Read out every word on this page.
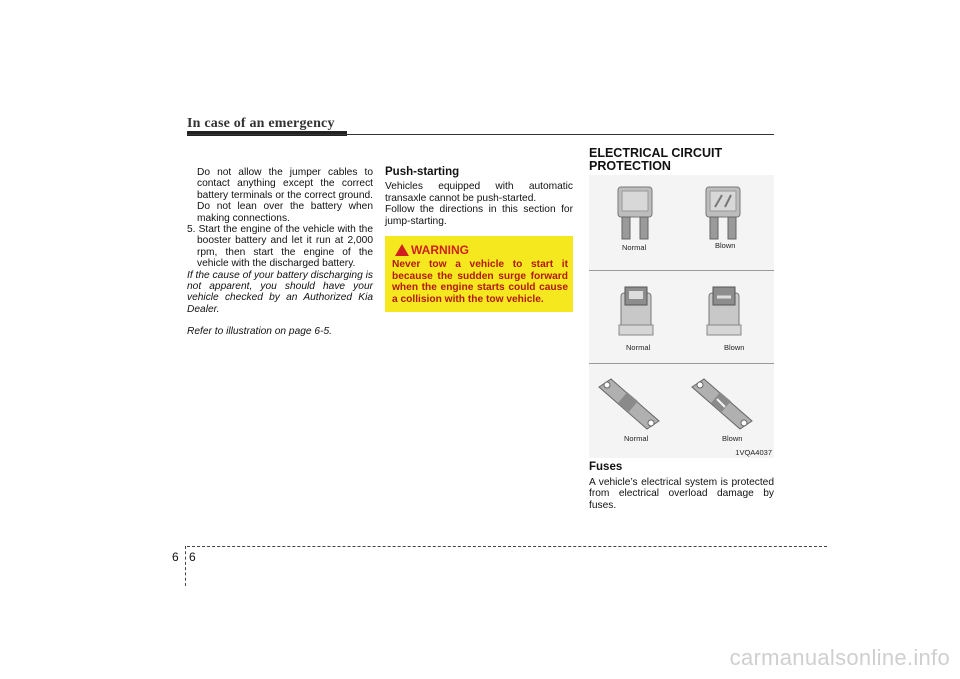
In case of an emergency

Do not allow the jumper cables to contact anything except the correct battery terminals or the correct ground. Do not lean over the battery when making connections.

5. Start the engine of the vehicle with the booster battery and let it run at 2,000 rpm, then start the engine of the vehicle with the discharged battery.

If the cause of your battery discharging is not apparent, you should have your vehicle checked by an Authorized Kia Dealer.

Refer to illustration on page 6-5.

Push-starting

Vehicles equipped with automatic transaxle cannot be push-started.

Follow the directions in this section for jump-starting.

WARNING
Never tow a vehicle to start it because the sudden surge forward when the engine starts could cause a collision with the tow vehicle.
ELECTRICAL CIRCUIT PROTECTION
Normal	Blown
Normal	Blown
Normal	Blown
1VQA4037
Fuses
A vehicle’s electrical system is protected from electrical overload damage by fuses.
6 6
carmanualsonline.info
